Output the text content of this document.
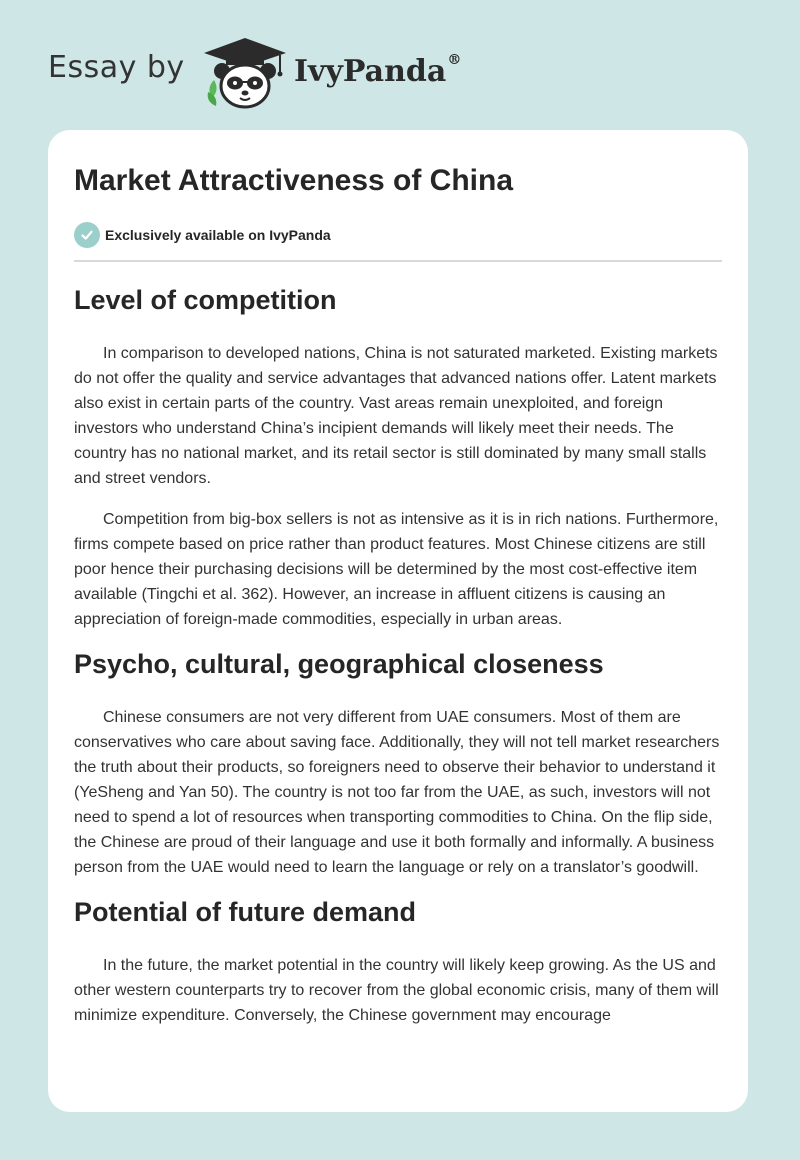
Essay by	IvyPanda®
Market Attractiveness of China
Exclusively available on IvyPanda
Level of competition

In comparison to developed nations, China is not saturated marketed. Existing markets do not offer the quality and service advantages that advanced nations offer. Latent markets also exist in certain parts of the country. Vast areas remain unexploited, and foreign investors who understand China’s incipient demands will likely meet their needs. The country has no national market, and its retail sector is still dominated by many small stalls and street vendors.

Competition from big-box sellers is not as intensive as it is in rich nations. Furthermore, firms compete based on price rather than product features. Most Chinese citizens are still poor hence their purchasing decisions will be determined by the most cost-effective item available (Tingchi et al. 362). However, an increase in affluent citizens is causing an appreciation of foreign-made commodities, especially in urban areas.

Psycho, cultural, geographical closeness

Chinese consumers are not very different from UAE consumers. Most of them are conservatives who care about saving face. Additionally, they will not tell market researchers the truth about their products, so foreigners need to observe their behavior to understand it (YeSheng and Yan 50). The country is not too far from the UAE, as such, investors will not need to spend a lot of resources when transporting commodities to China. On the flip side, the Chinese are proud of their language and use it both formally and informally. A business person from the UAE would need to learn the language or rely on a translator’s goodwill.

Potential of future demand

In the future, the market potential in the country will likely keep growing. As the US and other western counterparts try to recover from the global economic crisis, many of them will minimize expenditure. Conversely, the Chinese government may encourage
